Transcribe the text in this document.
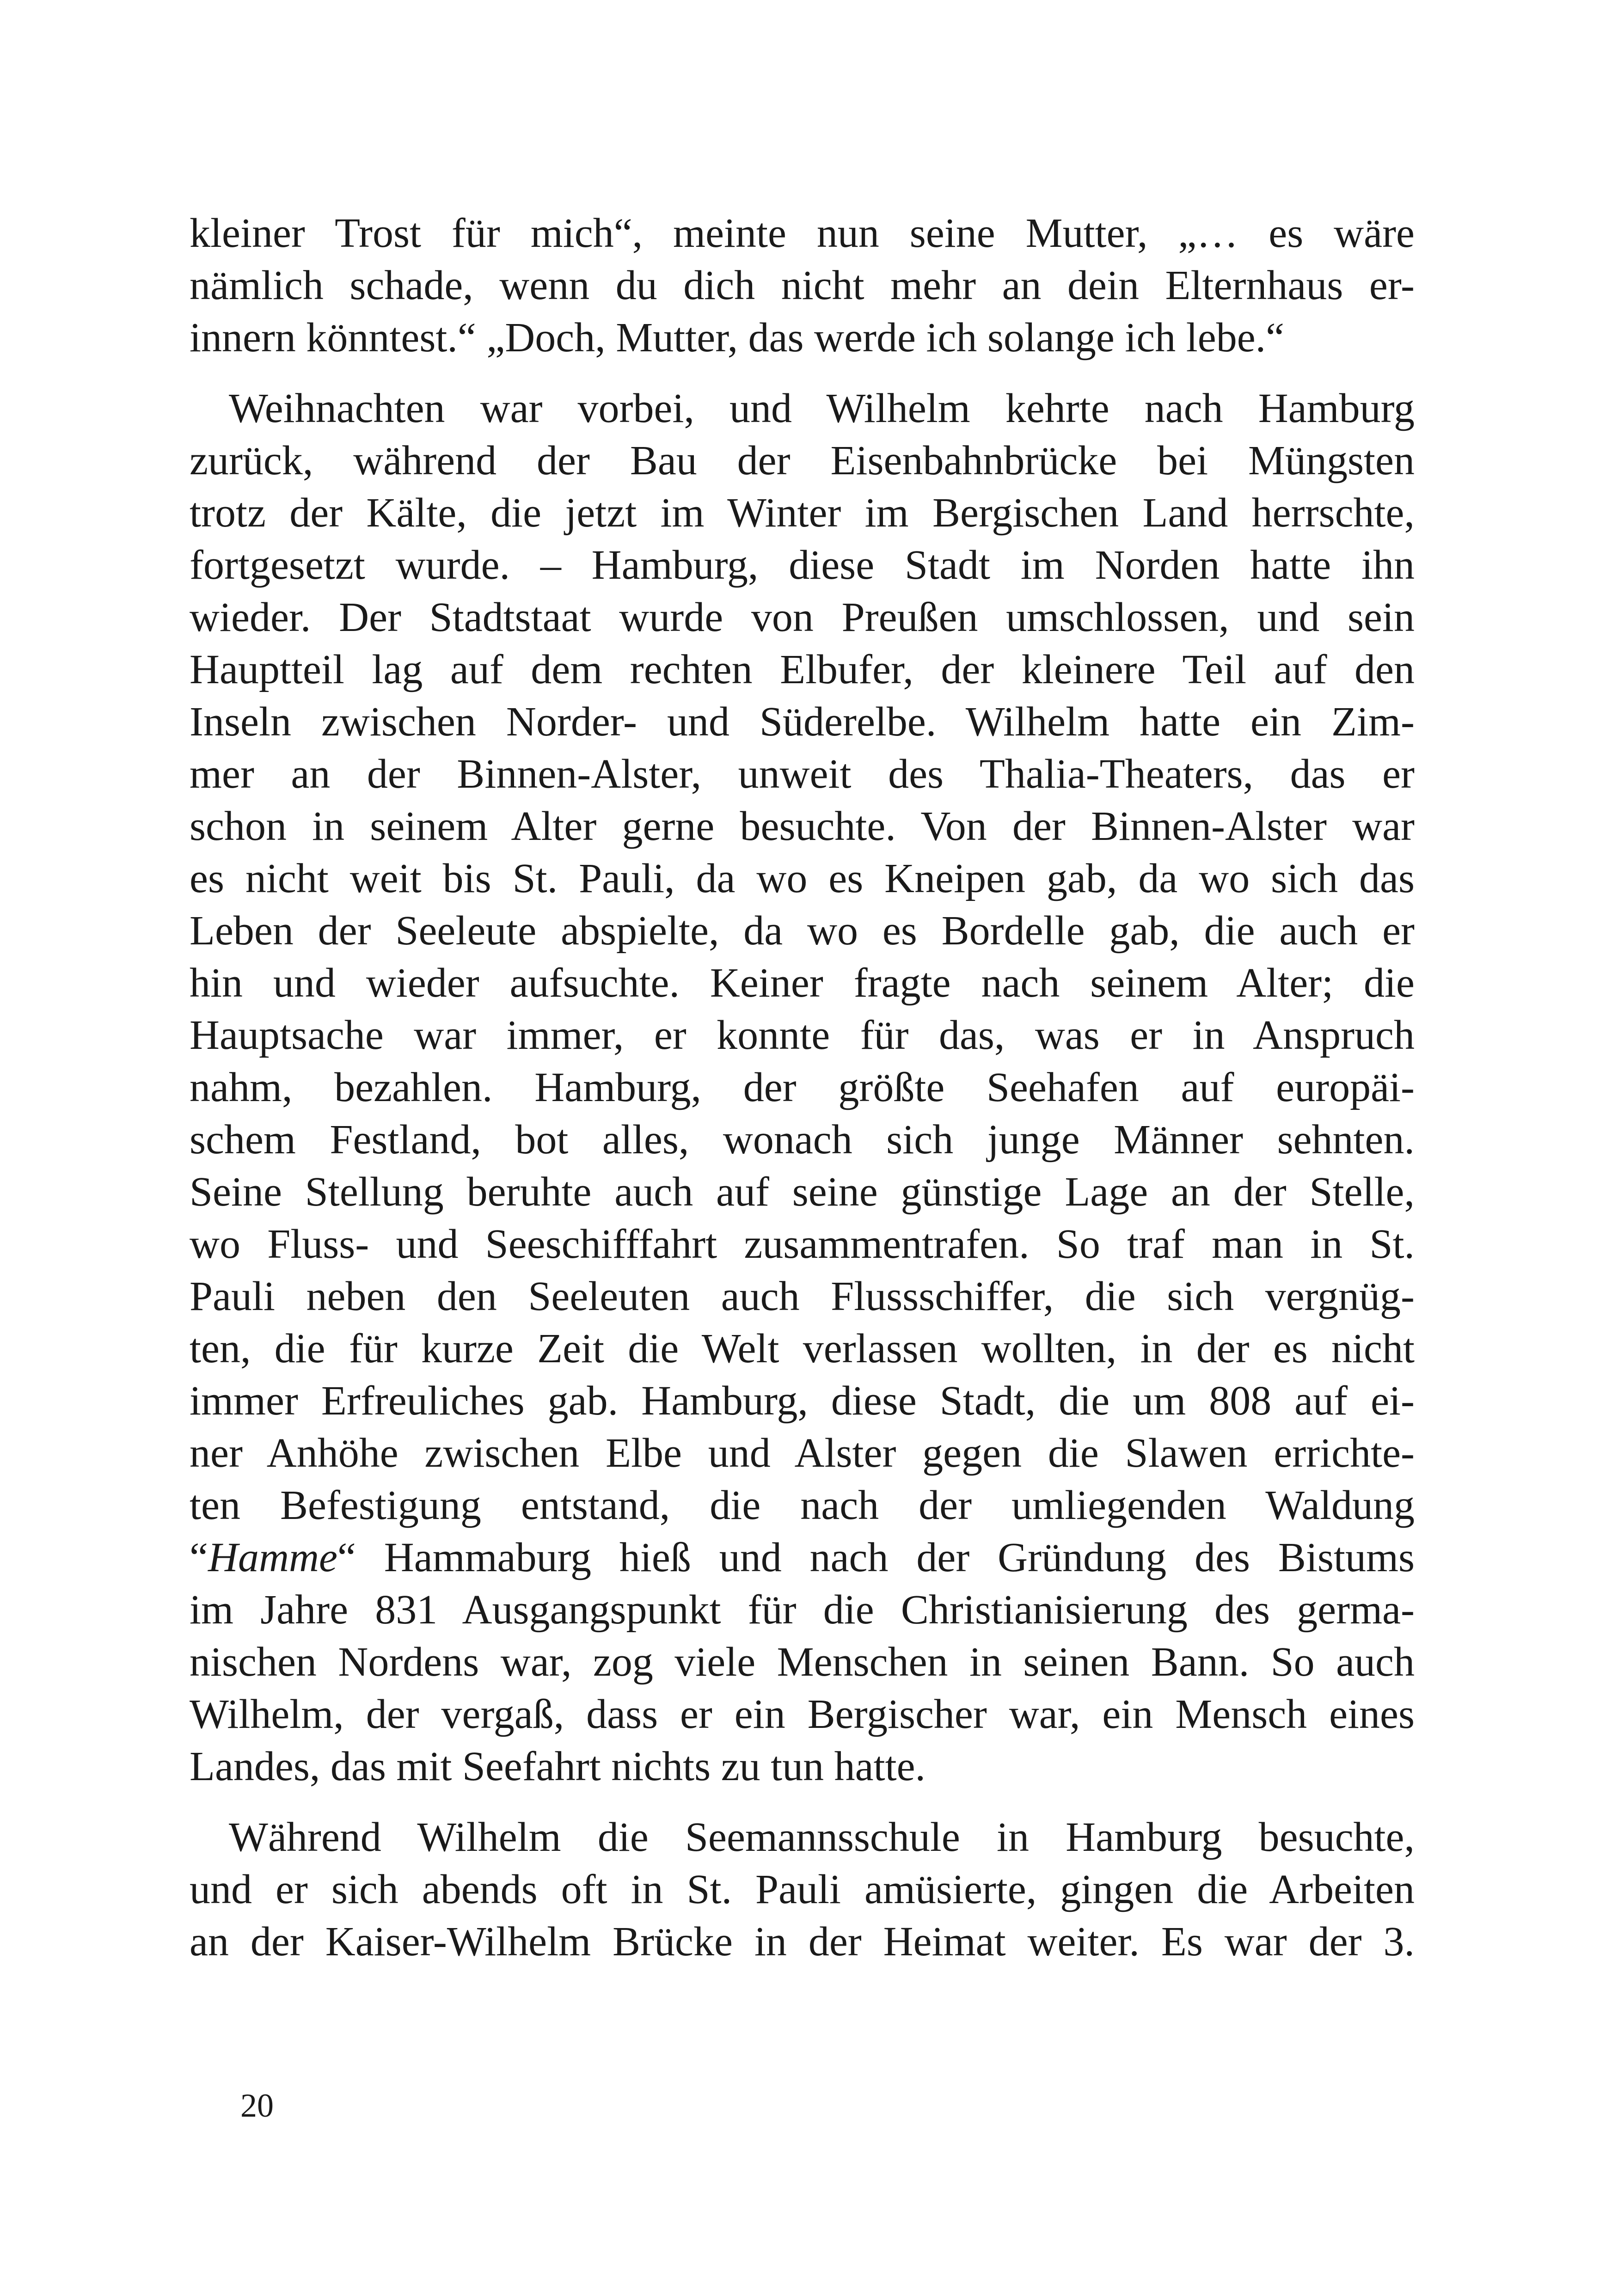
kleiner Trost für mich“, meinte nun seine Mutter, „… es wäre
nämlich schade, wenn du dich nicht mehr an dein Elternhaus er-
innern könntest.“ „Doch, Mutter, das werde ich solange ich lebe.“
Weihnachten war vorbei, und Wilhelm kehrte nach Hamburg
zurück, während der Bau der Eisenbahnbrücke bei Müngsten
trotz der Kälte, die jetzt im Winter im Bergischen Land herrschte,
fortgesetzt wurde. – Hamburg, diese Stadt im Norden hatte ihn
wieder. Der Stadtstaat wurde von Preußen umschlossen, und sein
Hauptteil lag auf dem rechten Elbufer, der kleinere Teil auf den
Inseln zwischen Norder- und Süderelbe. Wilhelm hatte ein Zim-
mer an der Binnen-Alster, unweit des Thalia-Theaters, das er
schon in seinem Alter gerne besuchte. Von der Binnen-Alster war
es nicht weit bis St. Pauli, da wo es Kneipen gab, da wo sich das
Leben der Seeleute abspielte, da wo es Bordelle gab, die auch er
hin und wieder aufsuchte. Keiner fragte nach seinem Alter; die
Hauptsache war immer, er konnte für das, was er in Anspruch
nahm, bezahlen. Hamburg, der größte Seehafen auf europäi-
schem Festland, bot alles, wonach sich junge Männer sehnten.
Seine Stellung beruhte auch auf seine günstige Lage an der Stelle,
wo Fluss- und Seeschifffahrt zusammentrafen. So traf man in St.
Pauli neben den Seeleuten auch Flussschiffer, die sich vergnüg-
ten, die für kurze Zeit die Welt verlassen wollten, in der es nicht
immer Erfreuliches gab. Hamburg, diese Stadt, die um 808 auf ei-
ner Anhöhe zwischen Elbe und Alster gegen die Slawen errichte-
ten Befestigung entstand, die nach der umliegenden Waldung
“Hamme“ Hammaburg hieß und nach der Gründung des Bistums
im Jahre 831 Ausgangspunkt für die Christianisierung des germa-
nischen Nordens war, zog viele Menschen in seinen Bann. So auch
Wilhelm, der vergaß, dass er ein Bergischer war, ein Mensch eines
Landes, das mit Seefahrt nichts zu tun hatte.
Während Wilhelm die Seemannsschule in Hamburg besuchte,
und er sich abends oft in St. Pauli amüsierte, gingen die Arbeiten
an der Kaiser-Wilhelm Brücke in der Heimat weiter. Es war der 3.
20
